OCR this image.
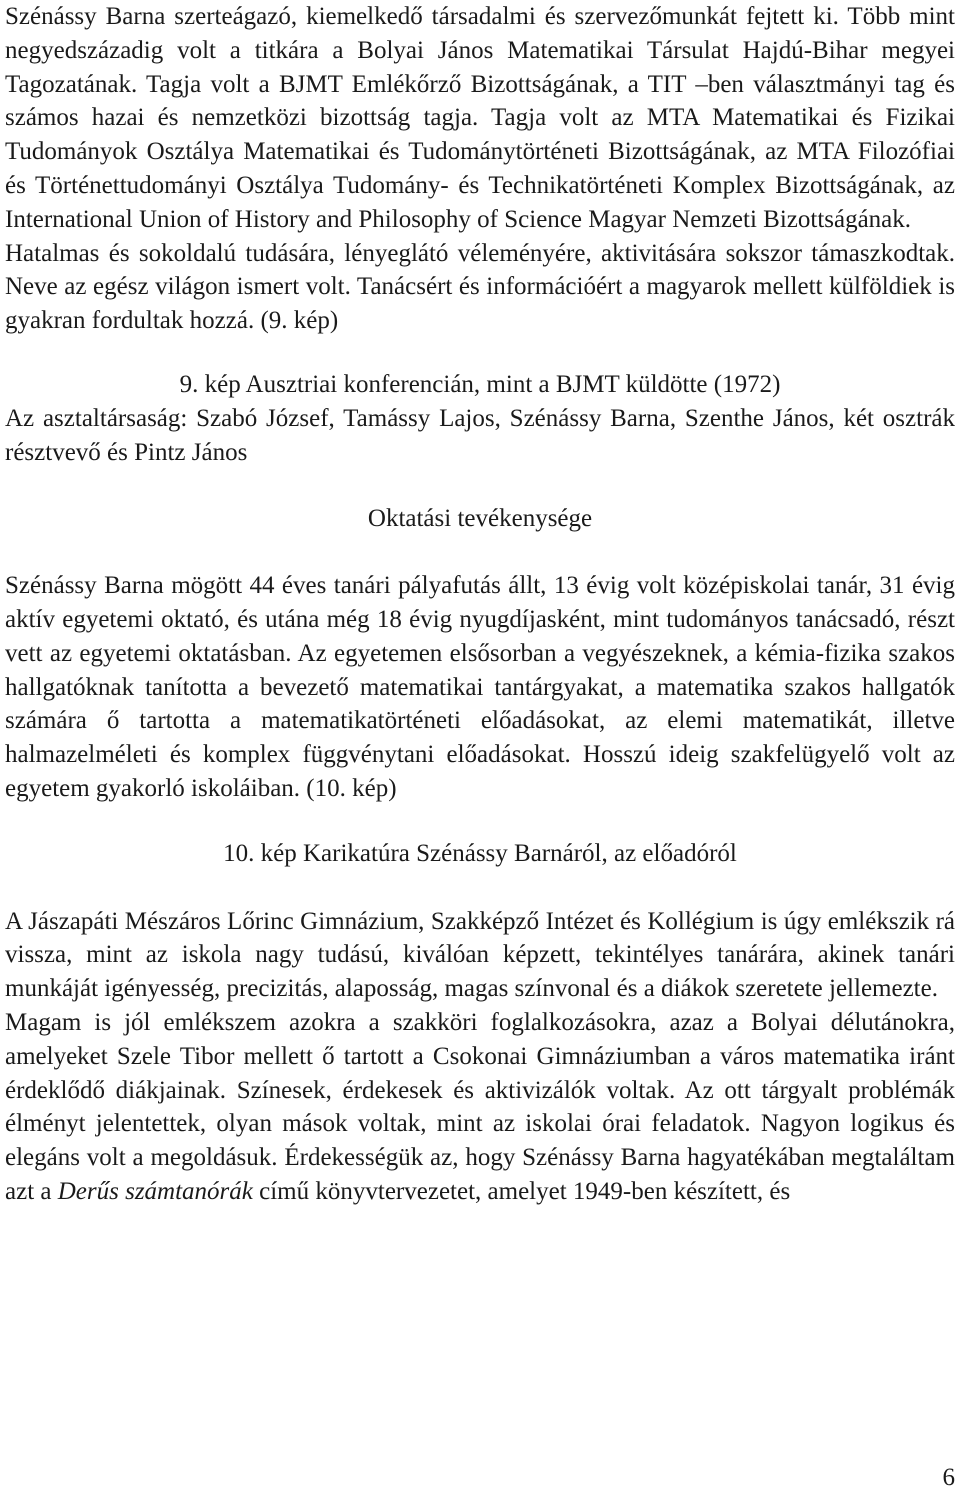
Szénássy Barna szerteágazó, kiemelkedő társadalmi és szervezőmunkát fejtett ki. Több mint negyedszázadig volt a titkára a Bolyai János Matematikai Társulat Hajdú-Bihar megyei Tagozatának. Tagja volt a BJMT Emlékőrző Bizottságának, a TIT –ben választmányi tag és számos hazai és nemzetközi bizottság tagja. Tagja volt az MTA Matematikai és Fizikai Tudományok Osztálya Matematikai és Tudománytörténeti Bizottságának, az MTA Filozófiai és Történettudományi Osztálya Tudomány- és Technikatörténeti Komplex Bizottságának, az International Union of History and Philosophy of Science Magyar Nemzeti Bizottságának.

Hatalmas és sokoldalú tudására, lényeglátó véleményére, aktivitására sokszor támaszkodtak. Neve az egész világon ismert volt. Tanácsért és információért a magyarok mellett külföldiek is gyakran fordultak hozzá. (9. kép)

9. kép Ausztriai konferencián, mint a BJMT küldötte (1972)

Az asztaltársaság: Szabó József, Tamássy Lajos, Szénássy Barna, Szenthe János, két osztrák résztvevő és Pintz János

Oktatási tevékenysége

Szénássy Barna mögött 44 éves tanári pályafutás állt, 13 évig volt középiskolai tanár, 31 évig aktív egyetemi oktató, és utána még 18 évig nyugdíjasként, mint tudományos tanácsadó, részt vett az egyetemi oktatásban. Az egyetemen elsősorban a vegyészeknek, a kémia-fizika szakos hallgatóknak tanította a bevezető matematikai tantárgyakat, a matematika szakos hallgatók számára ő tartotta a matematikatörténeti előadásokat, az elemi matematikát, illetve halmazelméleti és komplex függvénytani előadásokat. Hosszú ideig szakfelügyelő volt az egyetem gyakorló iskoláiban. (10. kép)

10. kép Karikatúra Szénássy Barnáról, az előadóról

A Jászapáti Mészáros Lőrinc Gimnázium, Szakképző Intézet és Kollégium is úgy emlékszik rá vissza, mint az iskola nagy tudású, kiválóan képzett, tekintélyes tanárára, akinek tanári munkáját igényesség, precizitás, alaposság, magas színvonal és a diákok szeretete jellemezte.

Magam is jól emlékszem azokra a szakköri foglalkozásokra, azaz a Bolyai délutánokra, amelyeket Szele Tibor mellett ő tartott a Csokonai Gimnáziumban a város matematika iránt érdeklődő diákjainak. Színesek, érdekesek és aktivizálók voltak. Az ott tárgyalt problémák élményt jelentettek, olyan mások voltak, mint az iskolai órai feladatok. Nagyon logikus és elegáns volt a megoldásuk. Érdekességük az, hogy Szénássy Barna hagyatékában megtaláltam azt a Derűs számtanórák című könyvtervezetet, amelyet 1949-ben készített, és

6
